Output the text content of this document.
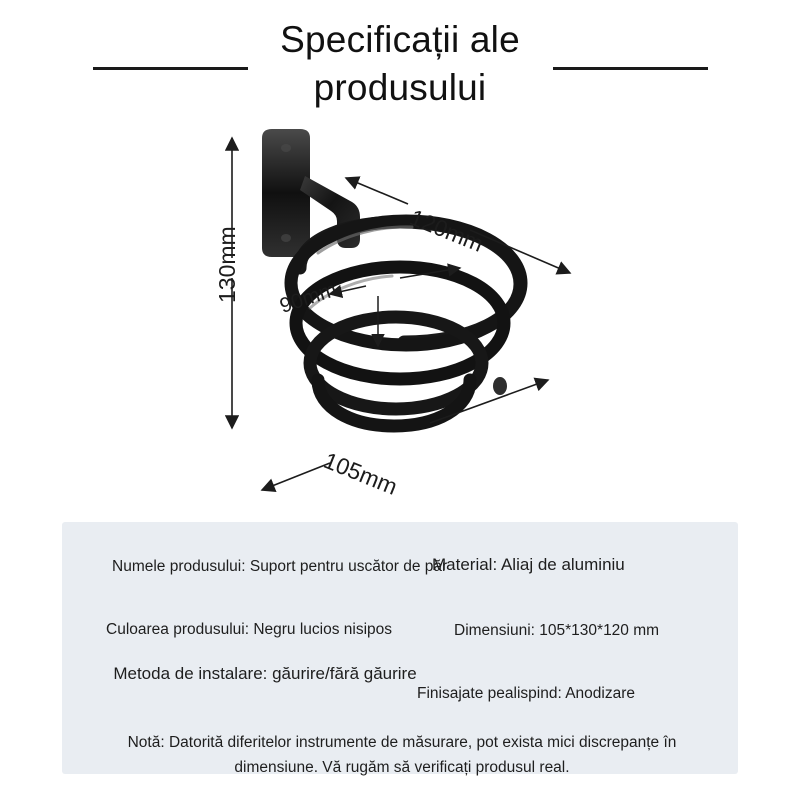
Specificații ale
produsului
130mm	120mm
90mm
105mm
Numele produsului: Suport pentru uscător de păr
Material: Aliaj de aluminiu
Culoarea produsului: Negru lucios nisipos	Dimensiuni: 105*130*120 mm
Metoda de instalare: găurire/fără găurire
Finisajate pealispind: Anodizare
Notă: Datorită diferitelor instrumente de măsurare, pot exista mici discrepanțe în dimensiune. Vă rugăm să verificați produsul real.
